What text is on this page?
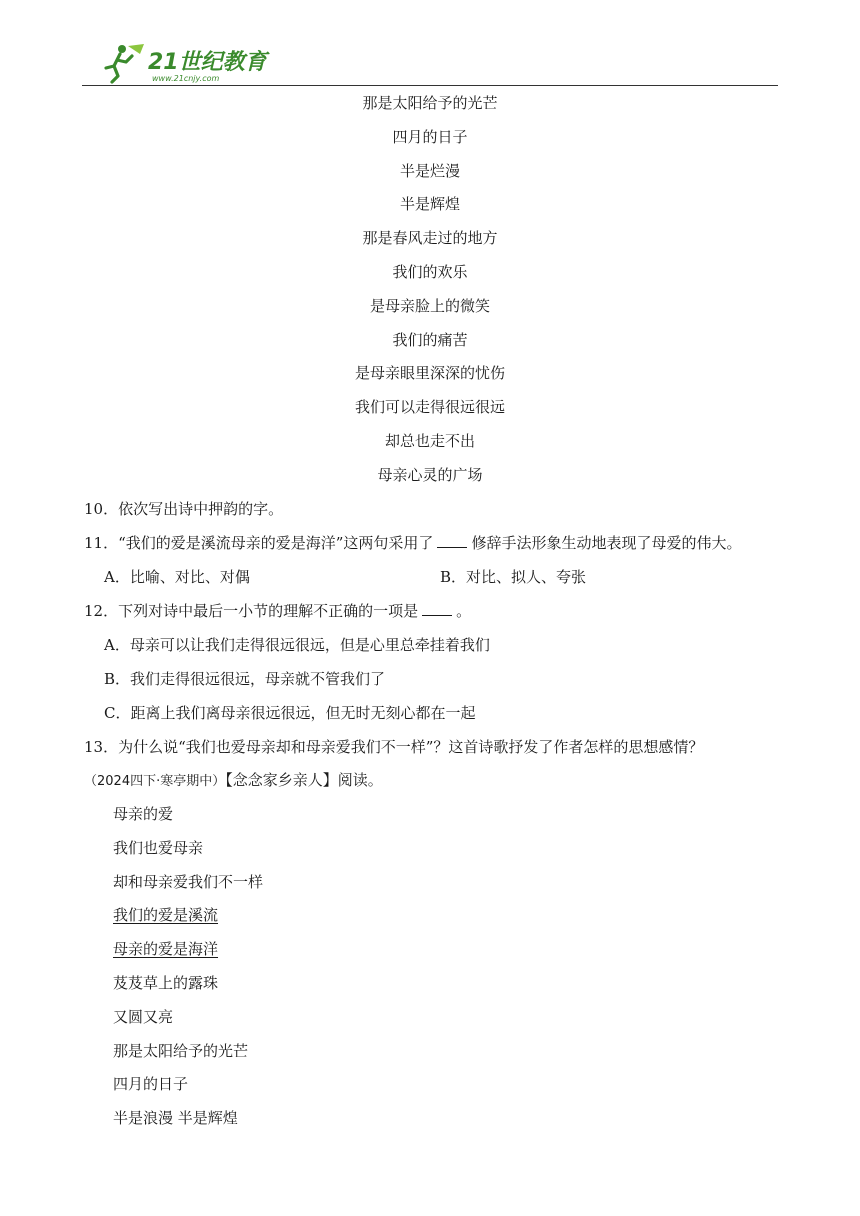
21世纪教育
www.21cnjy.com
那是太阳给予的光芒
四月的日子
半是烂漫
半是辉煌
那是春风走过的地方
我们的欢乐
是母亲脸上的微笑
我们的痛苦
是母亲眼里深深的忧伤
我们可以走得很远很远
却总也走不出
母亲心灵的广场
10．依次写出诗中押韵的字。
11．“我们的爱是溪流母亲的爱是海洋”这两句采用了	修辞手法形象生动地表现了母爱的伟大。
A．比喻、对比、对偶	B．对比、拟人、夸张
12．下列对诗中最后一小节的理解不正确的一项是	。
A．母亲可以让我们走得很远很远，但是心里总牵挂着我们
B．我们走得很远很远，母亲就不管我们了
C．距离上我们离母亲很远很远，但无时无刻心都在一起
13．为什么说“我们也爱母亲却和母亲爱我们不一样”？这首诗歌抒发了作者怎样的思想感情？
（2024四下·寒亭期中）【念念家乡亲人】阅读。
母亲的爱
我们也爱母亲
却和母亲爱我们不一样
我们的爱是溪流
母亲的爱是海洋
芨芨草上的露珠
又圆又亮
那是太阳给予的光芒
四月的日子
半是浪漫 半是辉煌
